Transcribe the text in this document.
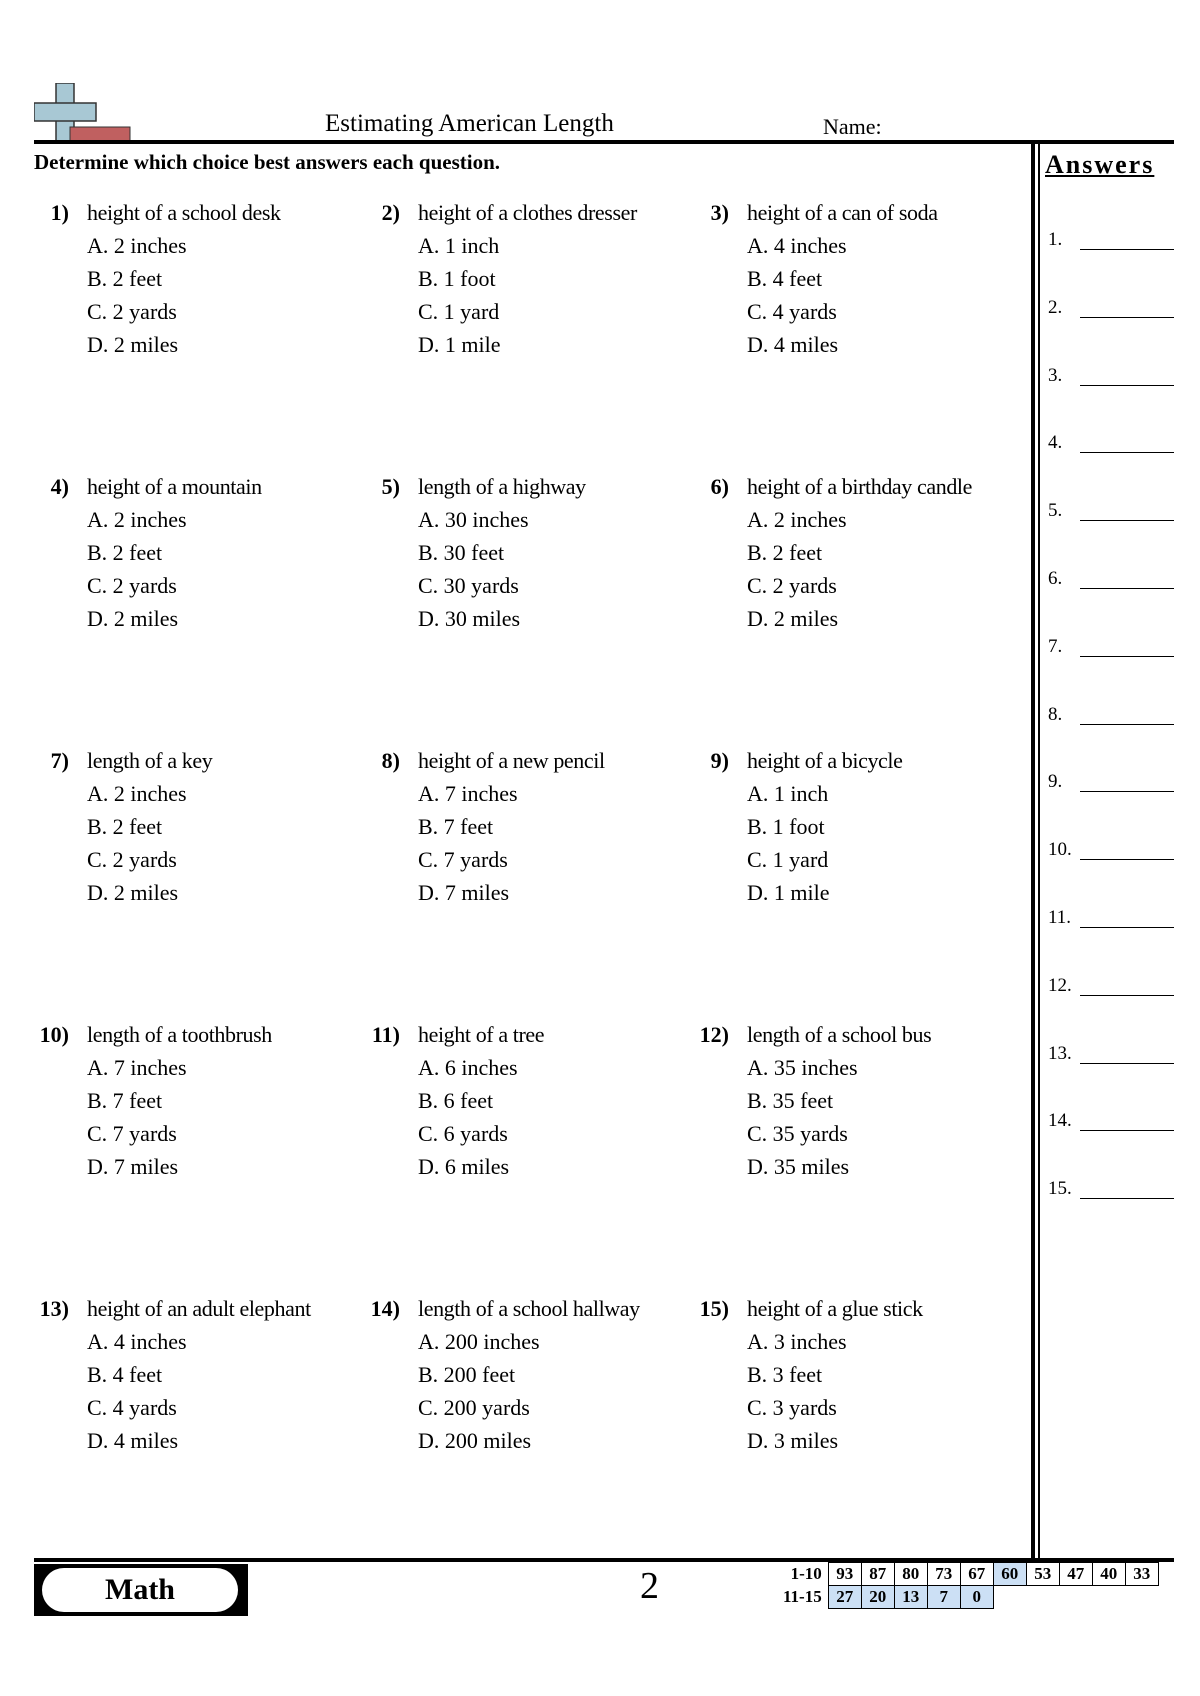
Estimating American Length	Name:
Determine which choice best answers each question.	Answers
1.
2.
3.
4.
5.
6.
7.
8.
9.
10.
11.
12.
13.
14.
15.
1) height of a school desk
A. 2 inches
B. 2 feet
C. 2 yards
D. 2 miles
2) height of a clothes dresser
A. 1 inch
B. 1 foot
C. 1 yard
D. 1 mile
3) height of a can of soda
A. 4 inches
B. 4 feet
C. 4 yards
D. 4 miles
4) height of a mountain
A. 2 inches
B. 2 feet
C. 2 yards
D. 2 miles
5) length of a highway
A. 30 inches
B. 30 feet
C. 30 yards
D. 30 miles
6) height of a birthday candle
A. 2 inches
B. 2 feet
C. 2 yards
D. 2 miles
7) length of a key
A. 2 inches
B. 2 feet
C. 2 yards
D. 2 miles
8) height of a new pencil
A. 7 inches
B. 7 feet
C. 7 yards
D. 7 miles
9) height of a bicycle
A. 1 inch
B. 1 foot
C. 1 yard
D. 1 mile
10) length of a toothbrush
A. 7 inches
B. 7 feet
C. 7 yards
D. 7 miles
11) height of a tree
A. 6 inches
B. 6 feet
C. 6 yards
D. 6 miles
12) length of a school bus
A. 35 inches
B. 35 feet
C. 35 yards
D. 35 miles
13) height of an adult elephant
A. 4 inches
B. 4 feet
C. 4 yards
D. 4 miles
14) length of a school hallway
A. 200 inches
B. 200 feet
C. 200 yards
D. 200 miles
15) height of a glue stick
A. 3 inches
B. 3 feet
C. 3 yards
D. 3 miles
Math	2	1-10	93	87	80	73	67	60	53	47	40	33
11-15	27	20	13	7	0					
